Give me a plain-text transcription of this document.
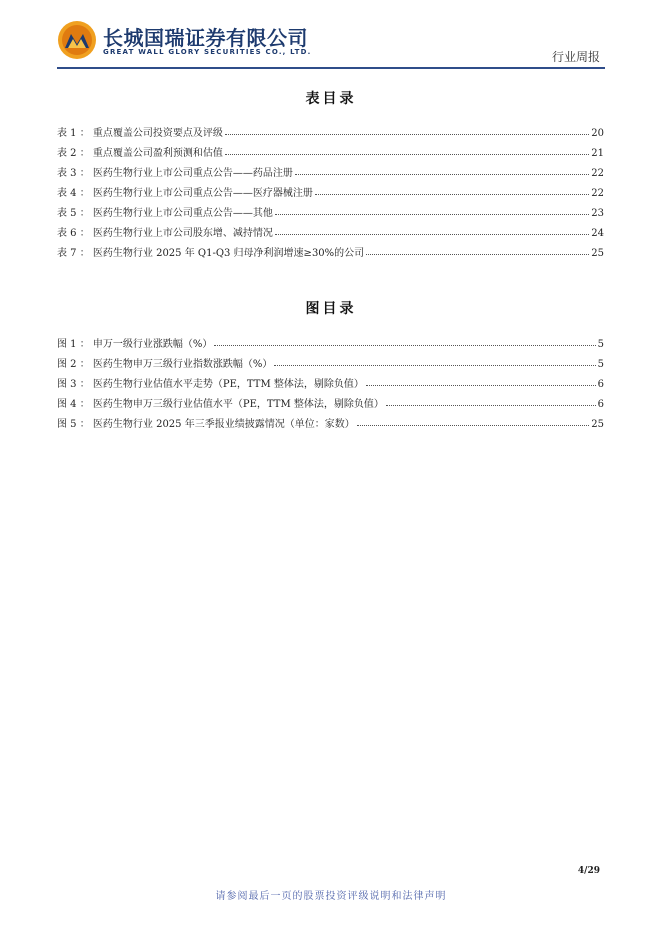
长城国瑞证券有限公司
GREAT WALL GLORY SECURITIES CO., LTD.	行业周报
表目录
表 1 ： 重点覆盖公司投资要点及评级	20
表 2 ： 重点覆盖公司盈利预测和估值	21
表 3 ： 医药生物行业上市公司重点公告——药品注册	22
表 4 ： 医药生物行业上市公司重点公告——医疗器械注册	22
表 5 ： 医药生物行业上市公司重点公告——其他	23
表 6 ： 医药生物行业上市公司股东增、减持情况	24
表 7 ： 医药生物行业 2025 年 Q1-Q3 归母净利润增速≥30%的公司	25
图目录
图 1 ： 申万一级行业涨跌幅（%）	5
图 2 ： 医药生物申万三级行业指数涨跌幅（%）	5
图 3 ： 医药生物行业估值水平走势（PE，TTM 整体法，剔除负值）	6
图 4 ： 医药生物申万三级行业估值水平（PE，TTM 整体法，剔除负值）	6
图 5 ： 医药生物行业 2025 年三季报业绩披露情况（单位：家数）	25
4/29
请参阅最后一页的股票投资评级说明和法律声明
